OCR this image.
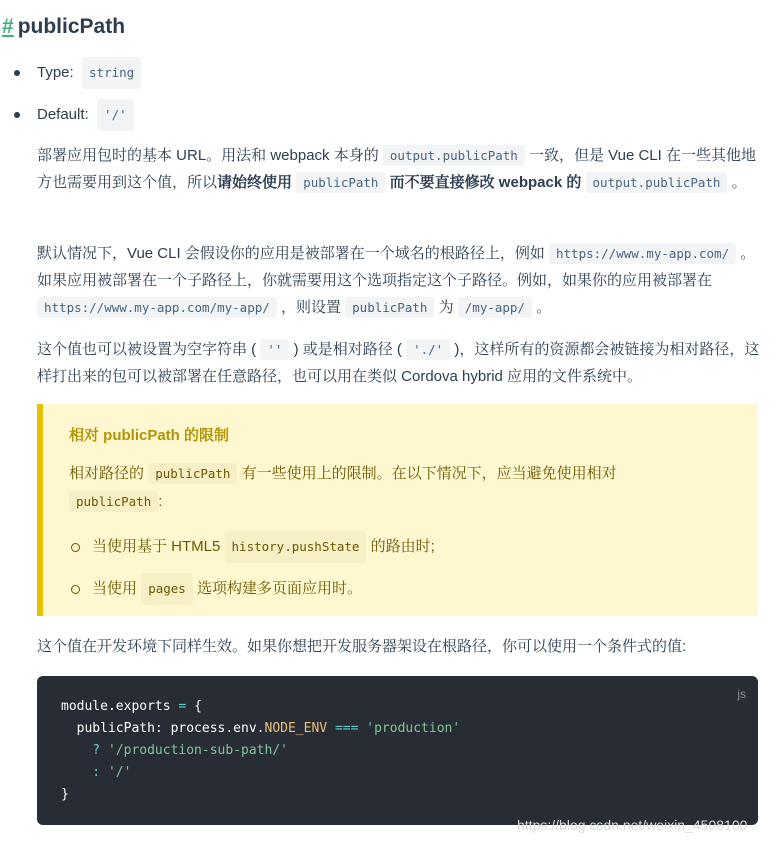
# publicPath
Type:
	string
Default:
	'/'

部署应用包时的基本 URL。用法和 webpack 本身的 output.publicPath 一致，但是 Vue CLI 在一些其他地方也需要用到这个值，所以请始终使用 publicPath 而不要直接修改 webpack 的 output.publicPath 。

默认情况下，Vue CLI 会假设你的应用是被部署在一个域名的根路径上，例如 https://www.my-app.com/ 。如果应用被部署在一个子路径上，你就需要用这个选项指定这个子路径。例如，如果你的应用被部署在 https://www.my-app.com/my-app/ ，则设置 publicPath 为 /my-app/ 。

这个值也可以被设置为空字符串 ( '' ) 或是相对路径 ( './' )，这样所有的资源都会被链接为相对路径，这样打出来的包可以被部署在任意路径，也可以用在类似 Cordova hybrid 应用的文件系统中。

相对 publicPath 的限制

相对路径的 publicPath 有一些使用上的限制。在以下情况下，应当避免使用相对
publicPath :

当使用基于 HTML5
history.pushState
的路由时;
当使用
pages
选项构建多页面应用时。

这个值在开发环境下同样生效。如果你想把开发服务器架设在根路径，你可以使用一个条件式的值:

js
module.exports = {
publicPath: process.env.NODE_ENV === 'production'
? '/production-sub-path/'
: '/'
}
https://blog.csdn.net/weixin_4508100
